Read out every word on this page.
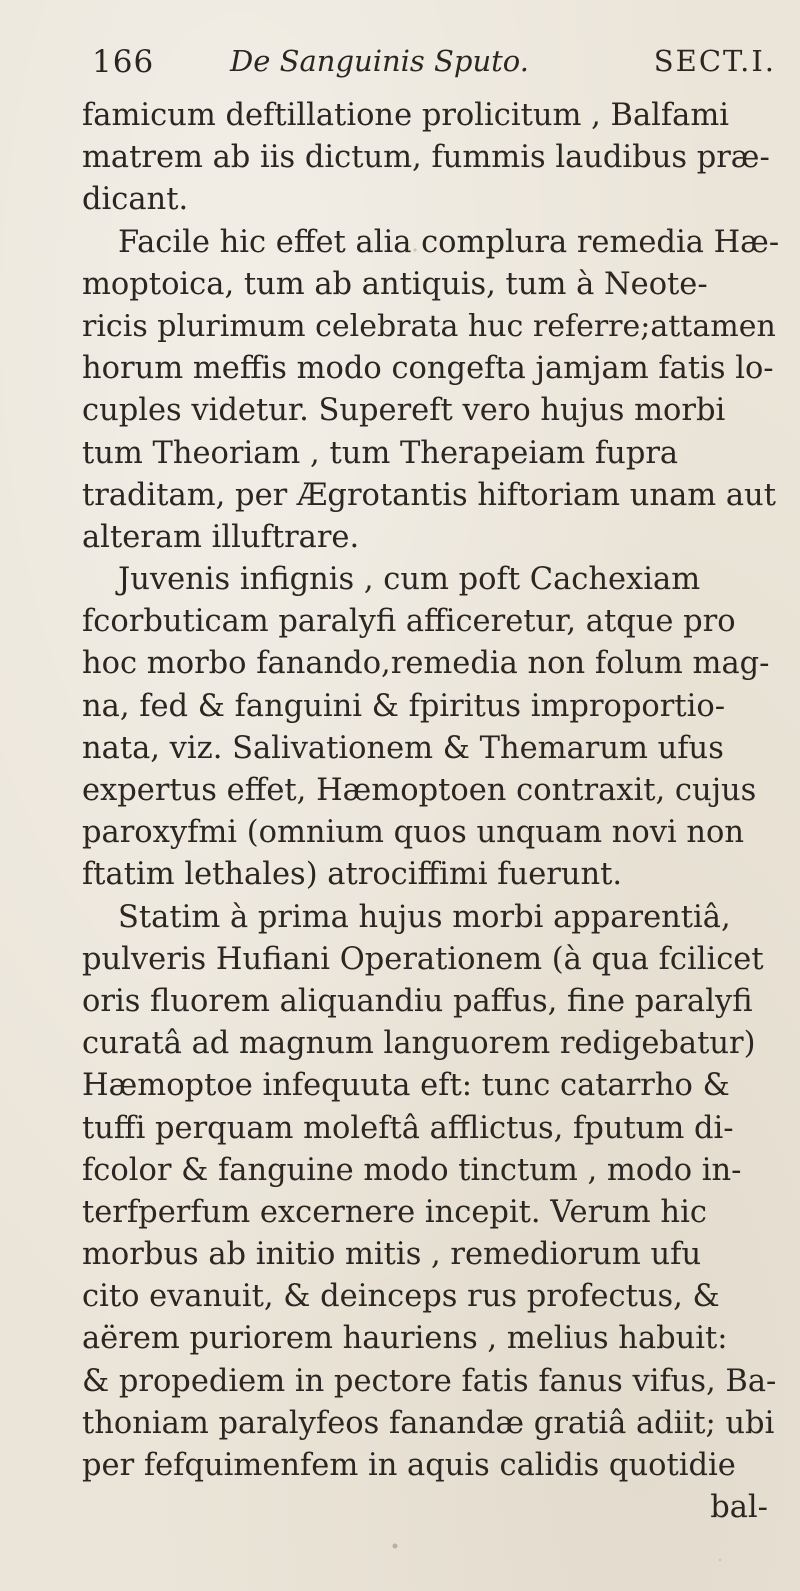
166	De Sanguinis Sputo.	SECT.I.
famicum deftillatione prolicitum , Balfami
matrem ab iis dictum, fummis laudibus præ-
dicant.
Facile hic effet alia complura remedia Hæ-
moptoica, tum ab antiquis, tum à Neote-
ricis plurimum celebrata huc referre;attamen
horum meffis modo congefta jamjam fatis lo-
cuples videtur. Supereft vero hujus morbi
tum Theoriam , tum Therapeiam fupra
traditam, per Ægrotantis hiftoriam unam aut
alteram illuftrare.
Juvenis infignis , cum poft Cachexiam
fcorbuticam paralyfi afficeretur, atque pro
hoc morbo fanando,remedia non folum mag-
na, fed & fanguini & fpiritus improportio-
nata, viz. Salivationem & Themarum ufus
expertus effet, Hæmoptoen contraxit, cujus
paroxyfmi (omnium quos unquam novi non
ftatim lethales) atrociffimi fuerunt.
Statim à prima hujus morbi apparentiâ,
pulveris Hufiani Operationem (à qua fcilicet
oris fluorem aliquandiu paffus, fine paralyfi
curatâ ad magnum languorem redigebatur)
Hæmoptoe infequuta eft: tunc catarrho &
tuffi perquam moleftâ afflictus, fputum di-
fcolor & fanguine modo tinctum , modo in-
terfperfum excernere incepit. Verum hic
morbus ab initio mitis , remediorum ufu
cito evanuit, & deinceps rus profectus, &
aërem puriorem hauriens , melius habuit:
& propediem in pectore fatis fanus vifus, Ba-
thoniam paralyfeos fanandæ gratiâ adiit; ubi
per fefquimenfem in aquis calidis quotidie
bal-
